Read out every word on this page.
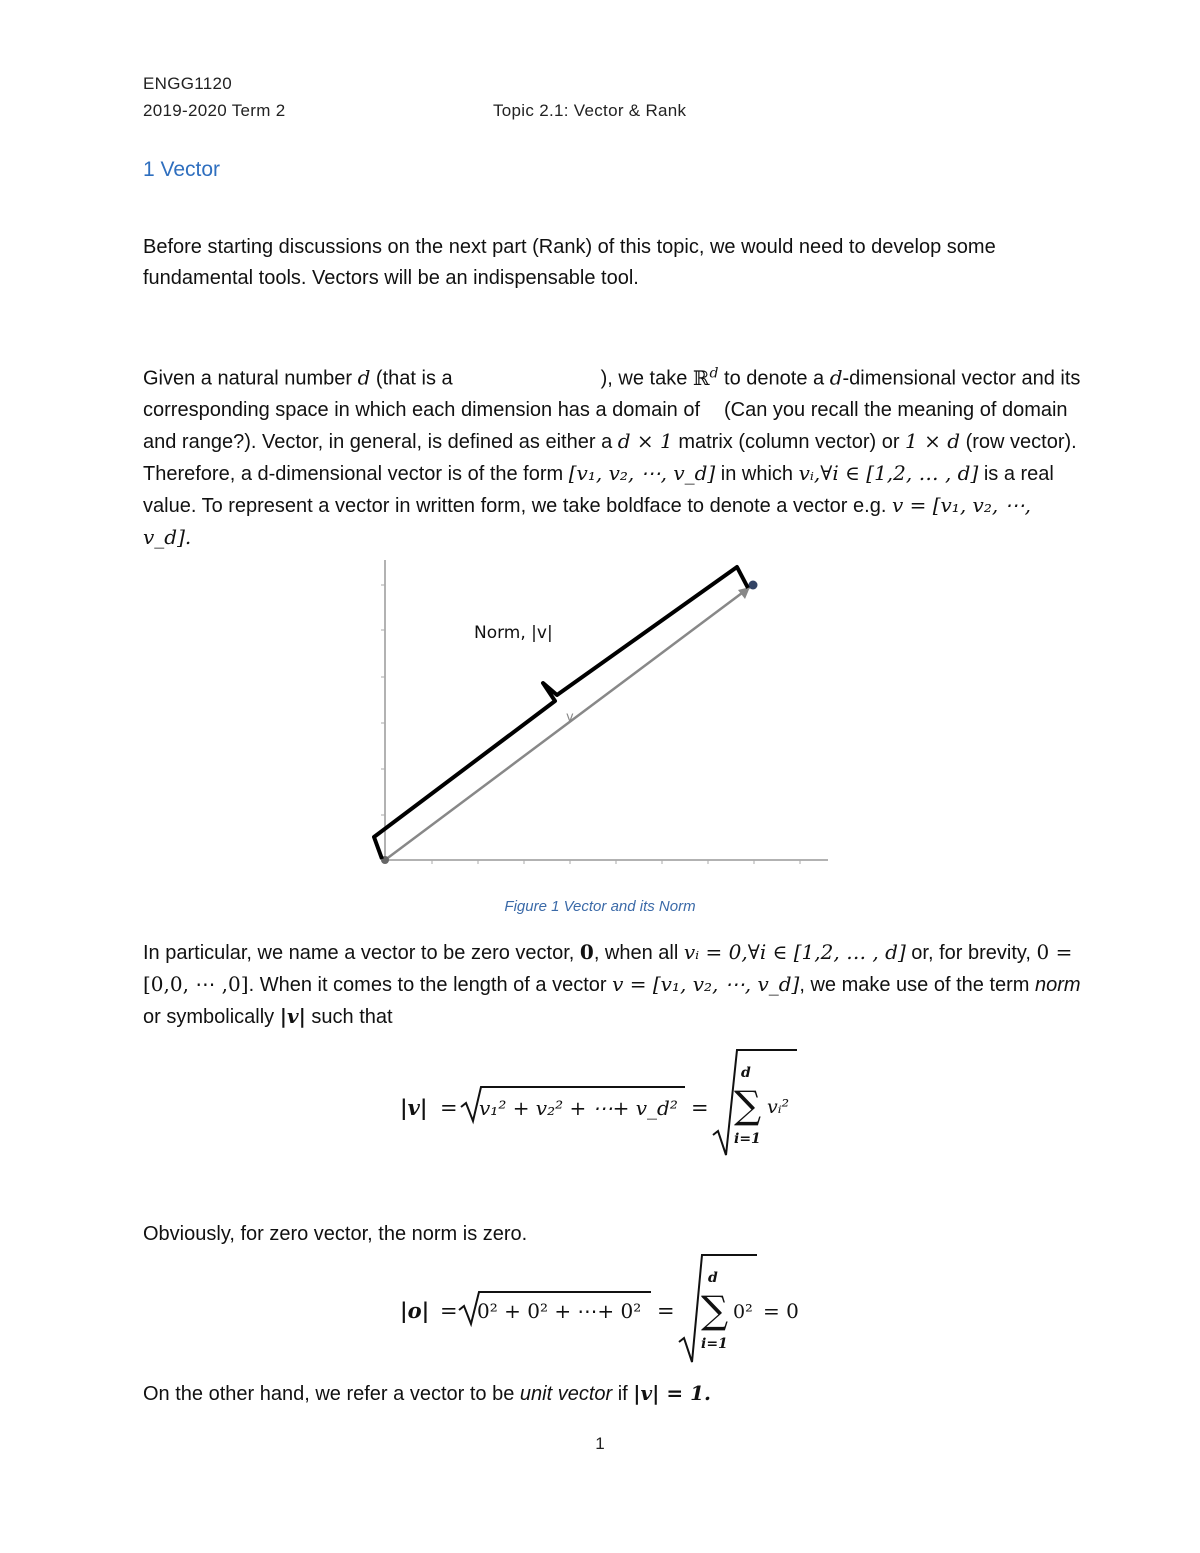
ENGG1120
2019-2020 Term 2	Topic 2.1: Vector & Rank
1 Vector
Before starting discussions on the next part (Rank) of this topic, we would need to develop some fundamental tools. Vectors will be an indispensable tool.
Given a natural number d (that is a	), we take ℝ$^d$ to denote a d-dimensional vector and its corresponding space in which each dimension has a domain of (Can you recall the meaning of domain and range?). Vector, in general, is defined as either a d × 1 matrix (column vector) or 1 × d (row vector). Therefore, a d-dimensional vector is of the form [v₁, v₂, ⋯, v_d] in which vᵢ,∀i ∈ [1,2, … , d] is a real value. To represent a vector in written form, we take boldface to denote a vector e.g. v = [v₁, v₂, ⋯, v_d].
v
Norm, |v|
Figure 1 Vector and its Norm
In particular, we name a vector to be zero vector, 0, when all vᵢ = 0,∀i ∈ [1,2, … , d] or, for brevity, 0 = [0,0, ⋯ ,0]. When it comes to the length of a vector v = [v₁, v₂, ⋯, v_d], we make use of the term norm or symbolically |v| such that
|v| = v₁² + v₂² + ⋯+ v_d² =
d
∑
i=1
vᵢ²
Obviously, for zero vector, the norm is zero.
|o| = 0² + 0² + ⋯+ 0² =
d
∑
i=1
0² = 0
On the other hand, we refer a vector to be unit vector if |v| = 1.
1
